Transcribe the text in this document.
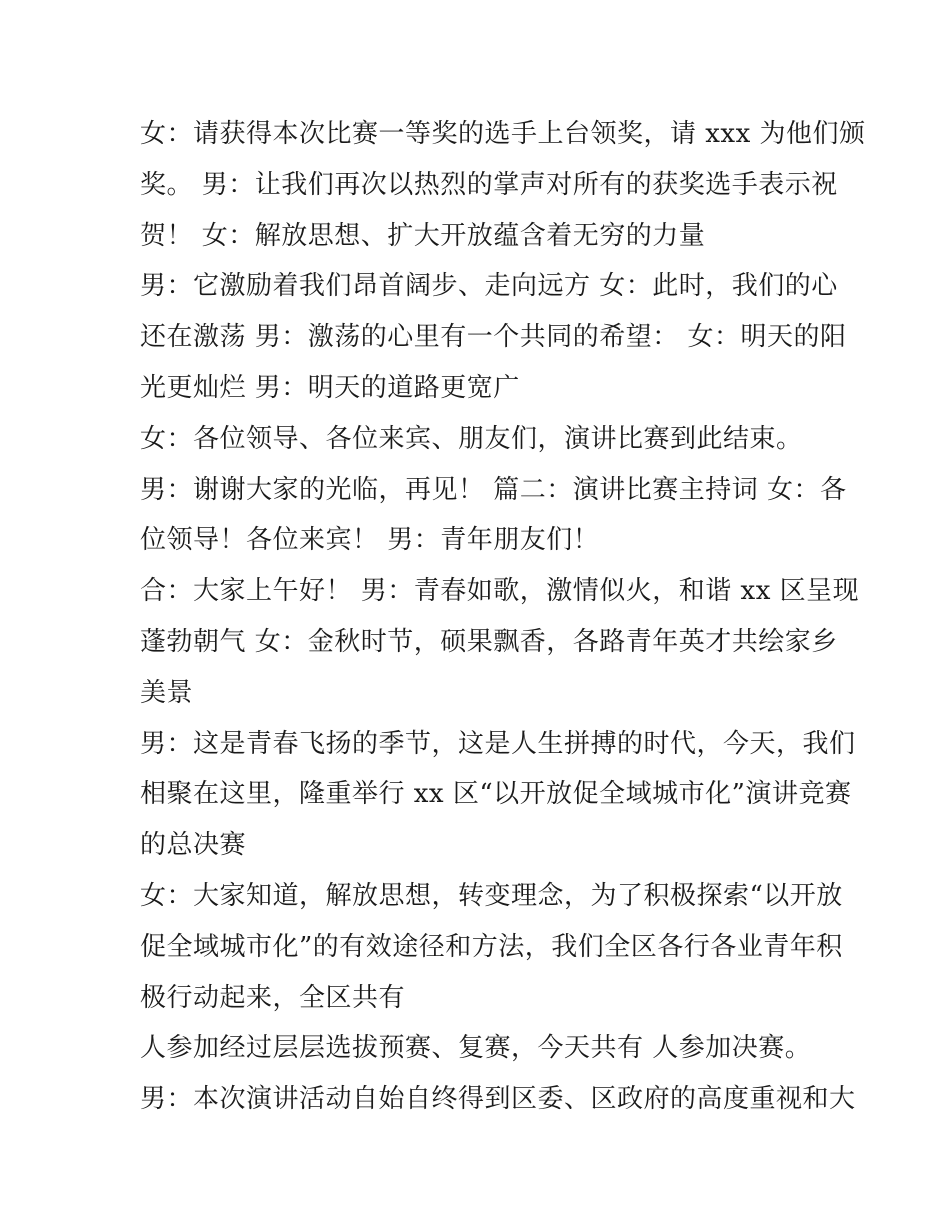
女：请获得本次比赛一等奖的选手上台领奖，请 xxx 为他们颁
奖。 男：让我们再次以热烈的掌声对所有的获奖选手表示祝
贺！ 女：解放思想、扩大开放蕴含着无穷的力量
男：它激励着我们昂首阔步、走向远方 女：此时，我们的心
还在激荡 男：激荡的心里有一个共同的希望： 女：明天的阳
光更灿烂 男：明天的道路更宽广
女：各位领导、各位来宾、朋友们，演讲比赛到此结束。
男：谢谢大家的光临，再见！ 篇二：演讲比赛主持词 女：各
位领导！各位来宾！ 男：青年朋友们！
合：大家上午好！ 男：青春如歌，激情似火，和谐 xx 区呈现
蓬勃朝气 女：金秋时节，硕果飘香，各路青年英才共绘家乡
美景
男：这是青春飞扬的季节，这是人生拼搏的时代，今天，我们
相聚在这里，隆重举行 xx 区“以开放促全域城市化”演讲竞赛
的总决赛
女：大家知道，解放思想，转变理念，为了积极探索“以开放
促全域城市化”的有效途径和方法，我们全区各行各业青年积
极行动起来，全区共有
人参加经过层层选拔预赛、复赛，今天共有 人参加决赛。
男：本次演讲活动自始自终得到区委、区政府的高度重视和大
